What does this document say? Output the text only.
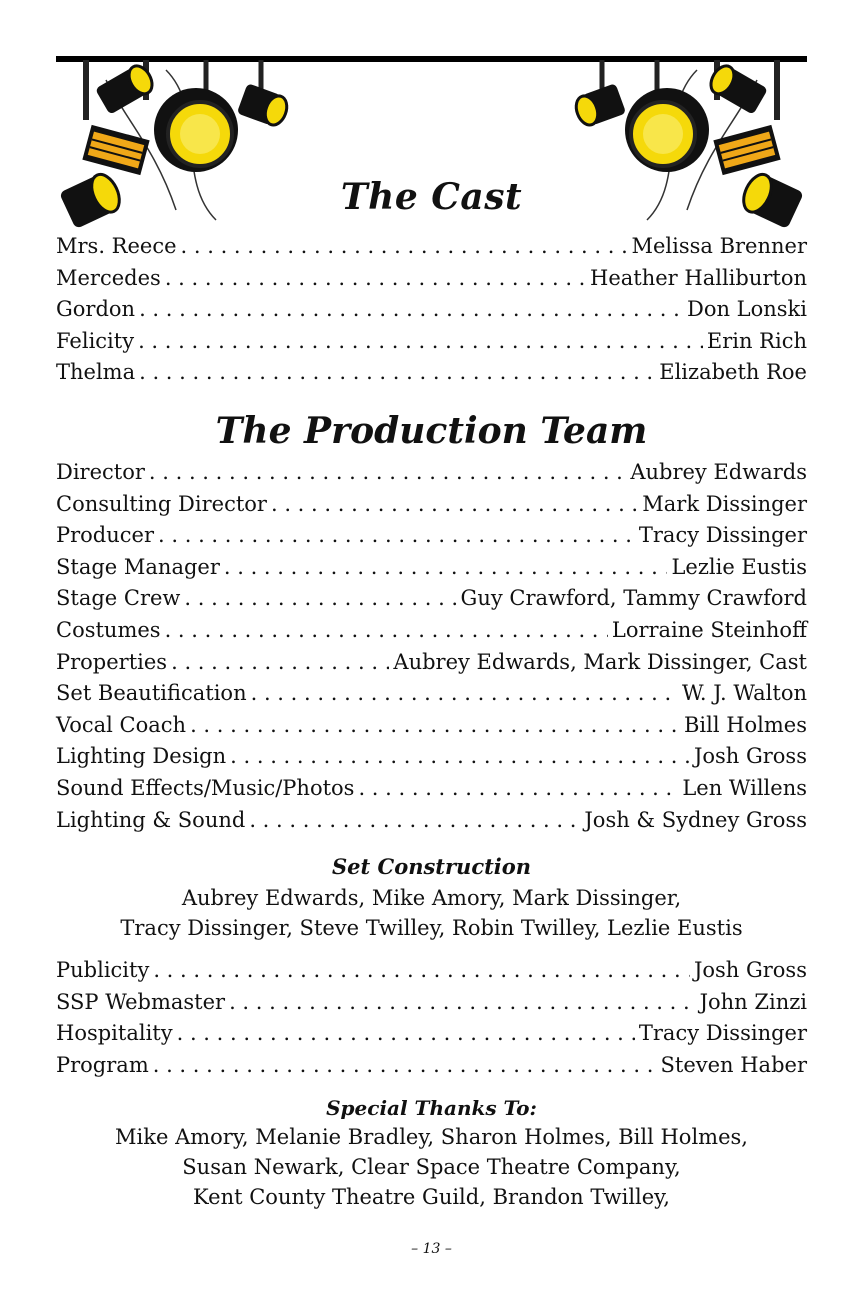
The Cast
Mrs. Reece . . .	Melissa Brenner
Mercedes . . .	Heather Halliburton
Gordon . . .	Don Lonski
Felicity . . .	Erin Rich
Thelma . . .	Elizabeth Roe
The Production Team
Director . . .	Aubrey Edwards
Consulting Director . . .	Mark Dissinger
Producer . . .	Tracy Dissinger
Stage Manager . . .	Lezlie Eustis
Stage Crew . . .	Guy Crawford, Tammy Crawford
Costumes . . .	Lorraine Steinhoff
Properties . . .	Aubrey Edwards, Mark Dissinger, Cast
Set Beautification . . .	W. J. Walton
Vocal Coach . . .	Bill Holmes
Lighting Design . . .	Josh Gross
Sound Effects/Music/Photos . . .	Len Willens
Lighting & Sound . . .	Josh & Sydney Gross
Set Construction
Aubrey Edwards, Mike Amory, Mark Dissinger,
Tracy Dissinger, Steve Twilley, Robin Twilley, Lezlie Eustis
Publicity . . .	Josh Gross
SSP Webmaster . . .	John Zinzi
Hospitality . . .	Tracy Dissinger
Program . . .	Steven Haber
Special Thanks To:
Mike Amory, Melanie Bradley, Sharon Holmes, Bill Holmes,
Susan Newark, Clear Space Theatre Company,
Kent County Theatre Guild, Brandon Twilley,
– 13 –
